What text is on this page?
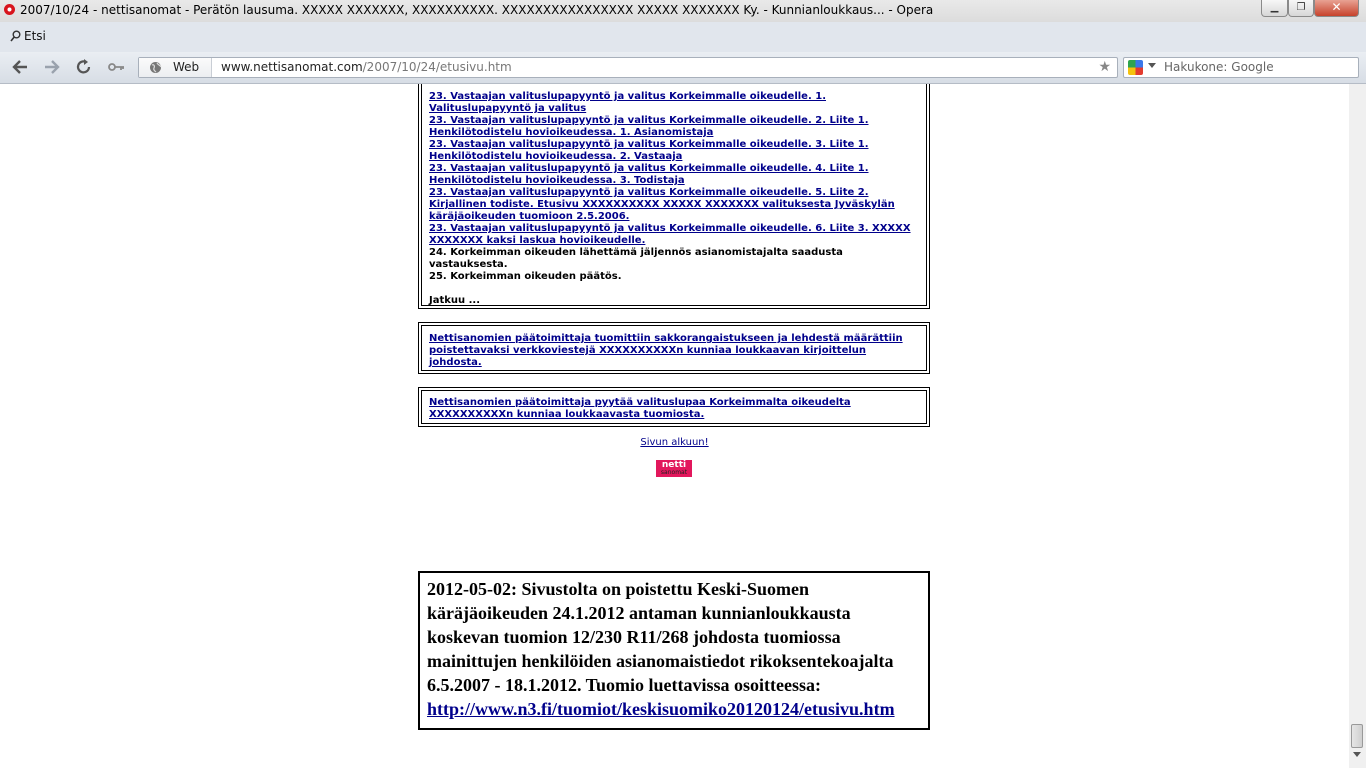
2007/10/24 - nettisanomat - Perätön lausuma. XXXXX XXXXXXX, XXXXXXXXXX. XXXXXXXXXXXXXXXX XXXXX XXXXXXX Ky. - Kunnianloukkaus... - Opera	▁	❐	✕
Etsi
Web www.nettisanomat.com/2007/10/24/etusivu.htm	★	Hakukone: Google
23. Vastaajan valituslupapyyntö ja valitus Korkeimmalle oikeudelle. 1. Valituslupapyyntö ja valitus
23. Vastaajan valituslupapyyntö ja valitus Korkeimmalle oikeudelle. 2. Liite 1. Henkilötodistelu hovioikeudessa. 1. Asianomistaja
23. Vastaajan valituslupapyyntö ja valitus Korkeimmalle oikeudelle. 3. Liite 1. Henkilötodistelu hovioikeudessa. 2. Vastaaja
23. Vastaajan valituslupapyyntö ja valitus Korkeimmalle oikeudelle. 4. Liite 1. Henkilötodistelu hovioikeudessa. 3. Todistaja
23. Vastaajan valituslupapyyntö ja valitus Korkeimmalle oikeudelle. 5. Liite 2. Kirjallinen todiste. Etusivu XXXXXXXXXX XXXXX XXXXXXX valituksesta Jyväskylän käräjäoikeuden tuomioon 2.5.2006.
23. Vastaajan valituslupapyyntö ja valitus Korkeimmalle oikeudelle. 6. Liite 3. XXXXX XXXXXXX kaksi laskua hovioikeudelle.
24. Korkeimman oikeuden lähettämä jäljennös asianomistajalta saadusta vastauksesta.
25. Korkeimman oikeuden päätös.
Jatkuu ...
Nettisanomien päätoimittaja tuomittiin sakkorangaistukseen ja lehdestä määrättiin poistettavaksi verkkoviestejä XXXXXXXXXXn kunniaa loukkaavan kirjoittelun johdosta.
Nettisanomien päätoimittaja pyytää valituslupaa Korkeimmalta oikeudelta XXXXXXXXXXn kunniaa loukkaavasta tuomiosta.
Sivun alkuun!
netti
sanomat
2012-05-02: Sivustolta on poistettu Keski-Suomen käräjäoikeuden 24.1.2012 antaman kunnianloukkausta koskevan tuomion 12/230 R11/268 johdosta tuomiossa mainittujen henkilöiden asianomaistiedot rikoksentekoajalta 6.5.2007 - 18.1.2012. Tuomio luettavissa osoitteessa: http://www.n3.fi/tuomiot/keskisuomiko20120124/etusivu.htm
